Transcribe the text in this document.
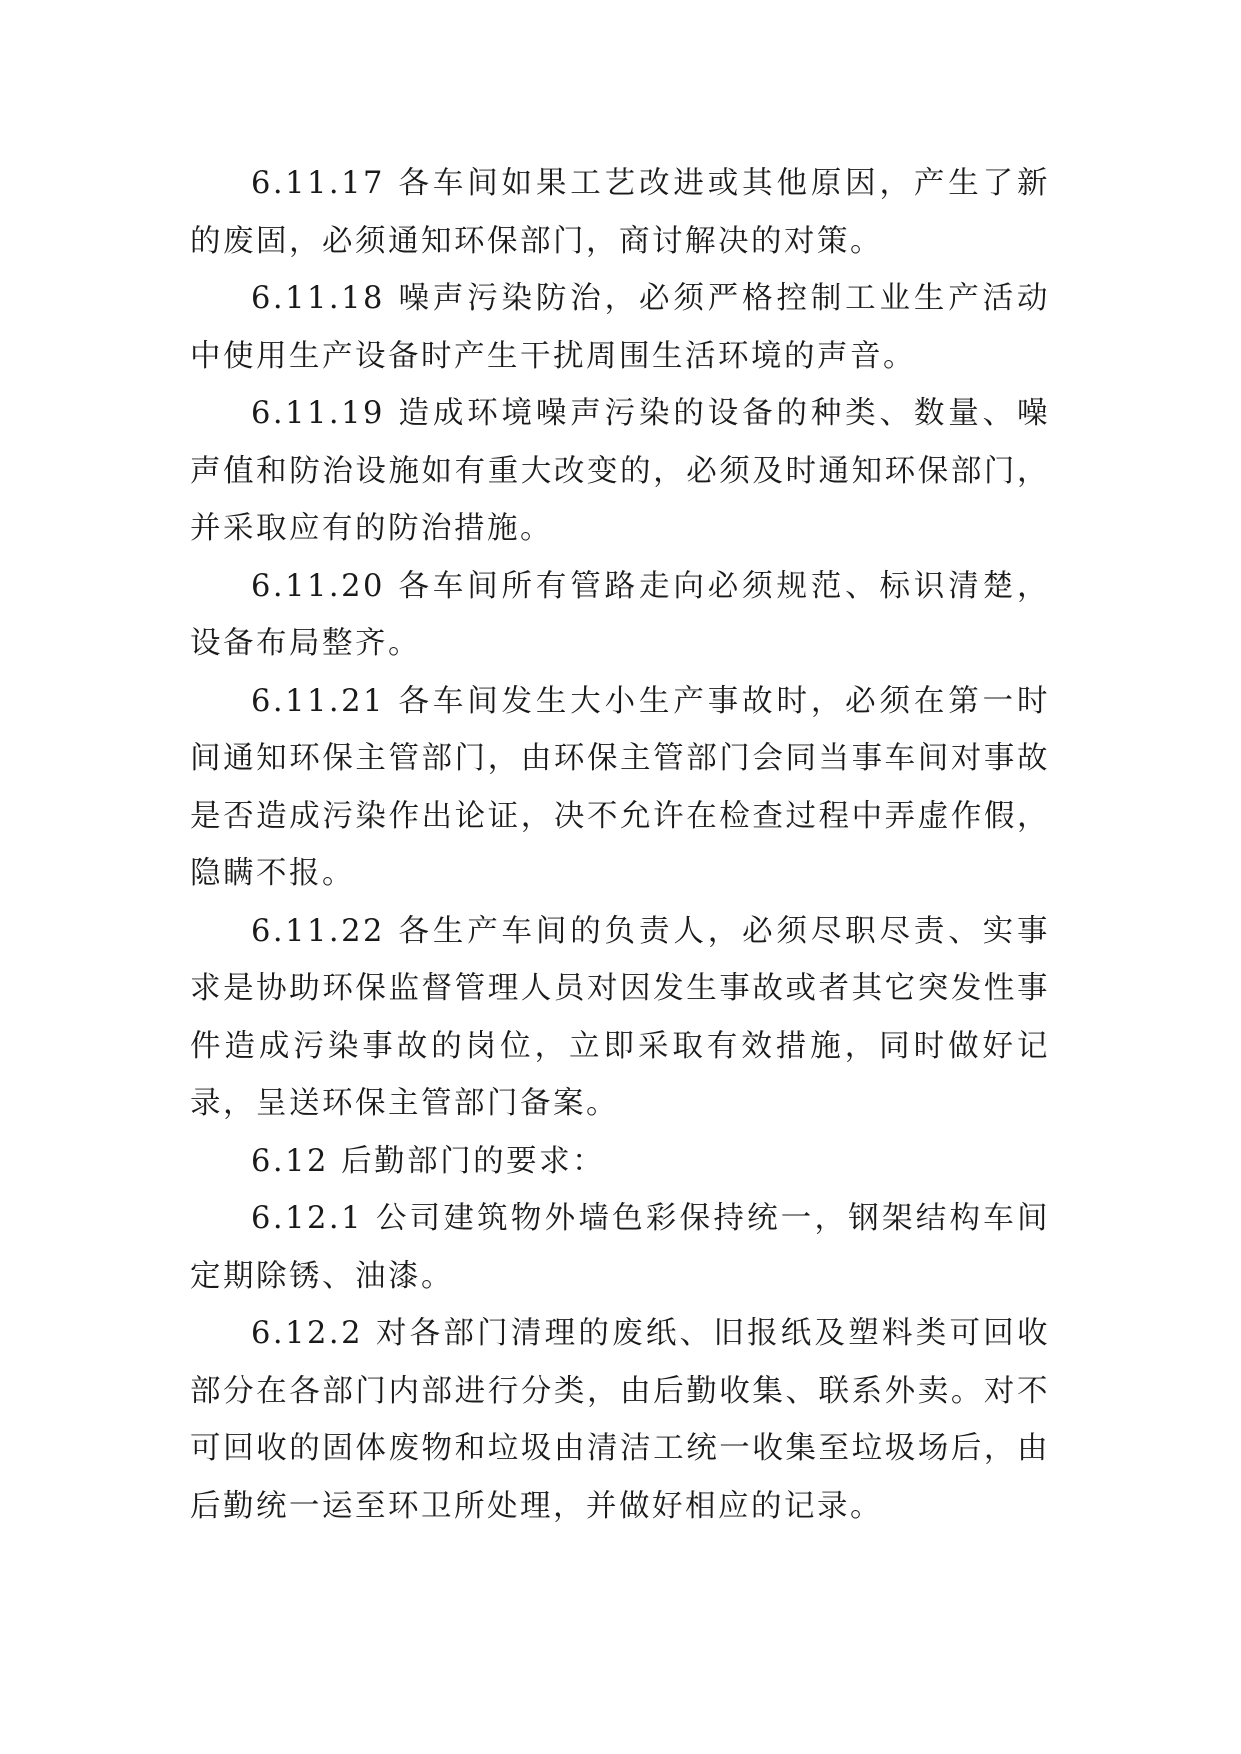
6.11.17 各车间如果工艺改进或其他原因，产生了新的废固，必须通知环保部门，商讨解决的对策。

6.11.18 噪声污染防治，必须严格控制工业生产活动中使用生产设备时产生干扰周围生活环境的声音。

6.11.19 造成环境噪声污染的设备的种类、数量、噪声值和防治设施如有重大改变的，必须及时通知环保部门，并采取应有的防治措施。

6.11.20 各车间所有管路走向必须规范、标识清楚，设备布局整齐。

6.11.21 各车间发生大小生产事故时，必须在第一时间通知环保主管部门，由环保主管部门会同当事车间对事故是否造成污染作出论证，决不允许在检查过程中弄虚作假，隐瞒不报。

6.11.22 各生产车间的负责人，必须尽职尽责、实事求是协助环保监督管理人员对因发生事故或者其它突发性事件造成污染事故的岗位，立即采取有效措施，同时做好记录，呈送环保主管部门备案。

6.12 后勤部门的要求：

6.12.1 公司建筑物外墙色彩保持统一，钢架结构车间定期除锈、油漆。

6.12.2 对各部门清理的废纸、旧报纸及塑料类可回收部分在各部门内部进行分类，由后勤收集、联系外卖。对不可回收的固体废物和垃圾由清洁工统一收集至垃圾场后，由后勤统一运至环卫所处理，并做好相应的记录。
